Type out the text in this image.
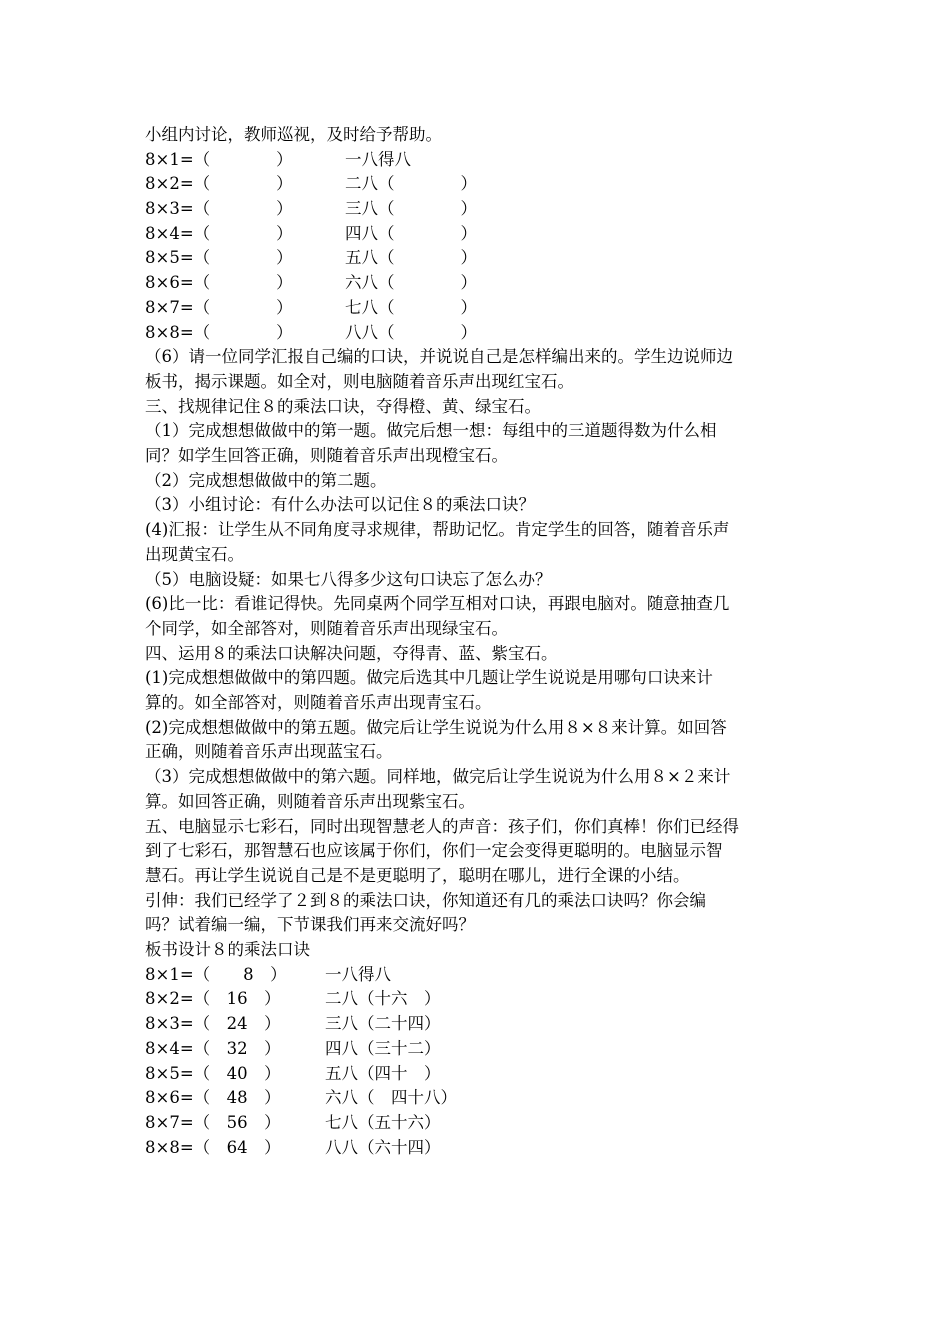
小组内讨论，教师巡视，及时给予帮助。
8×1=（　　　　）	一八得八
8×2=（　　　　）	二八（　　　　）
8×3=（　　　　）	三八（　　　　）
8×4=（　　　　）	四八（　　　　）
8×5=（　　　　）	五八（　　　　）
8×6=（　　　　）	六八（　　　　）
8×7=（　　　　）	七八（　　　　）
8×8=（　　　　）	八八（　　　　）
（6）请一位同学汇报自己编的口诀，并说说自己是怎样编出来的。学生边说师边
板书，揭示课题。如全对，则电脑随着音乐声出现红宝石。
三、找规律记住８的乘法口诀，夺得橙、黄、绿宝石。
（1）完成想想做做中的第一题。做完后想一想：每组中的三道题得数为什么相
同？如学生回答正确，则随着音乐声出现橙宝石。
（2）完成想想做做中的第二题。
（3）小组讨论：有什么办法可以记住８的乘法口诀？
(4)汇报：让学生从不同角度寻求规律，帮助记忆。肯定学生的回答，随着音乐声
出现黄宝石。
（5）电脑设疑：如果七八得多少这句口诀忘了怎么办？
(6)比一比：看谁记得快。先同桌两个同学互相对口诀，再跟电脑对。随意抽查几
个同学，如全部答对，则随着音乐声出现绿宝石。
四、运用８的乘法口诀解决问题，夺得青、蓝、紫宝石。
(1)完成想想做做中的第四题。做完后选其中几题让学生说说是用哪句口诀来计
算的。如全部答对，则随着音乐声出现青宝石。
(2)完成想想做做中的第五题。做完后让学生说说为什么用８×８来计算。如回答
正确，则随着音乐声出现蓝宝石。
（3）完成想想做做中的第六题。同样地，做完后让学生说说为什么用８×２来计
算。如回答正确，则随着音乐声出现紫宝石。
五、电脑显示七彩石，同时出现智慧老人的声音：孩子们，你们真棒！你们已经得
到了七彩石，那智慧石也应该属于你们，你们一定会变得更聪明的。电脑显示智
慧石。再让学生说说自己是不是更聪明了，聪明在哪儿，进行全课的小结。
引伸：我们已经学了２到８的乘法口诀，你知道还有几的乘法口诀吗？你会编
吗？试着编一编，下节课我们再来交流好吗？
板书设计８的乘法口诀
8×1=（　　8　） 一八得八
8×2=（　16　）	二八（十六　）
8×3=（　24　）	三八（二十四）
8×4=（　32　）	四八（三十二）
8×5=（　40　）	五八（四十　）
8×6=（　48　）	六八（　四十八）
8×7=（　56　）	七八（五十六）
8×8=（　64　）	八八（六十四）
